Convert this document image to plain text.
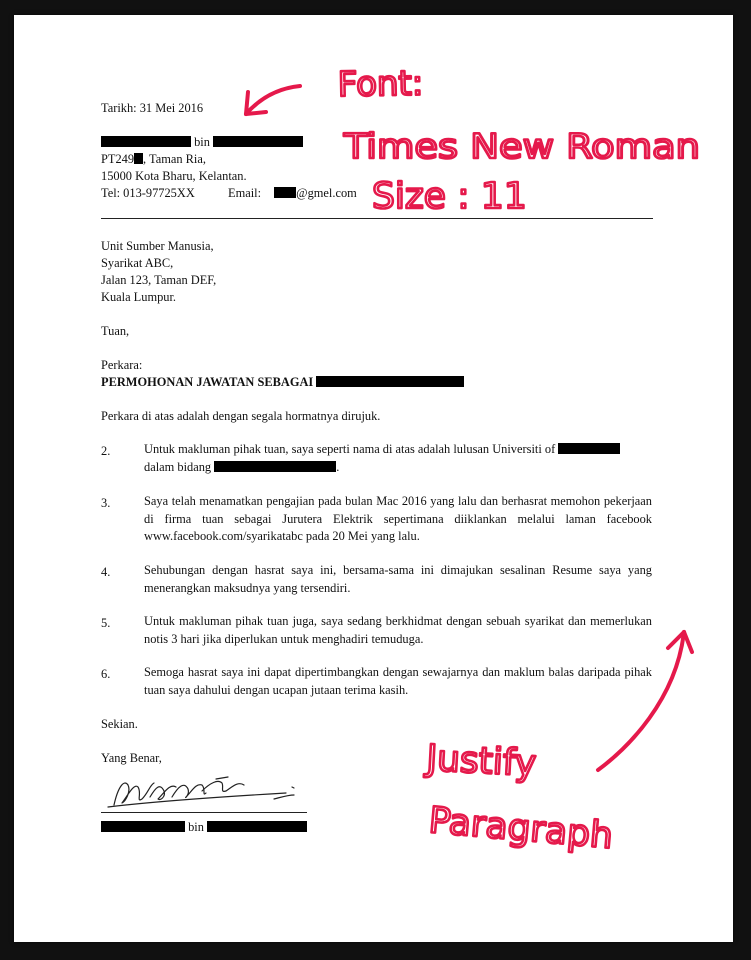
Tarikh: 31 Mei 2016
bin
PT249 , Taman Ria,
15000 Kota Bharu, Kelantan.
Tel: 013-97725XX	Email:	@gmel.com
Unit Sumber Manusia,
Syarikat ABC,
Jalan 123, Taman DEF,
Kuala Lumpur.
Tuan,
Perkara:
PERMOHONAN JAWATAN SEBAGAI
Perkara di atas adalah dengan segala hormatnya dirujuk.
2.	Untuk makluman pihak tuan, saya seperti nama di atas adalah lulusan Universiti of
dalam bidang	.
3.	Saya telah menamatkan pengajian pada bulan Mac 2016 yang lalu dan berhasrat memohon pekerjaan di firma tuan sebagai Jurutera Elektrik sepertimana diiklankan melalui laman facebook www.facebook.com/syarikatabc pada 20 Mei yang lalu.
4.	Sehubungan dengan hasrat saya ini, bersama-sama ini dimajukan sesalinan Resume saya yang menerangkan maksudnya yang tersendiri.
5.	Untuk makluman pihak tuan juga, saya sedang berkhidmat dengan sebuah syarikat dan memerlukan notis 3 hari jika diperlukan untuk menghadiri temuduga.
6.	Semoga hasrat saya ini dapat dipertimbangkan dengan sewajarnya dan maklum balas daripada pihak tuan saya dahului dengan ucapan jutaan terima kasih.
Sekian.
Yang Benar,
bin
Font:
Times New Roman
Size : 11
Justify
Paragraph
